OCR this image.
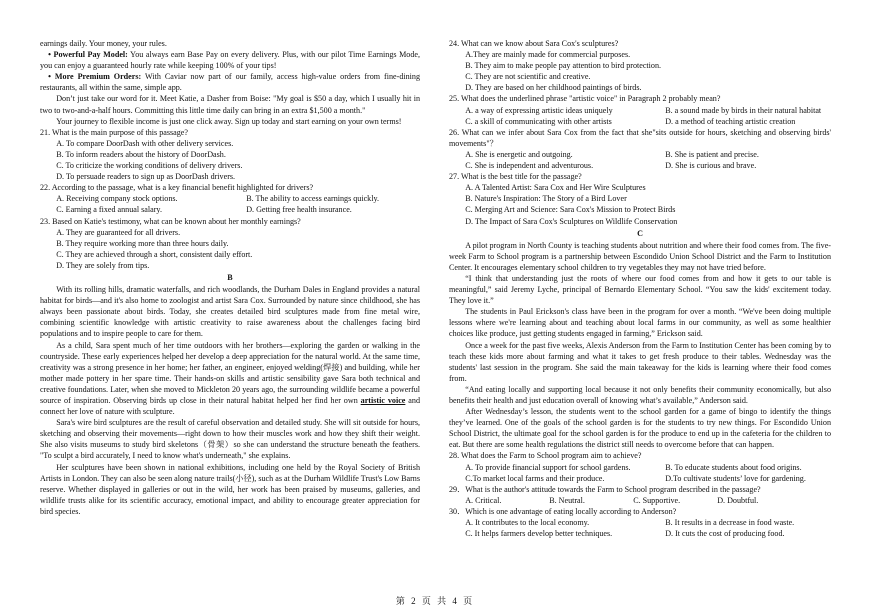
earnings daily. Your money, your rules.

• Powerful Pay Model: You always earn Base Pay on every delivery. Plus, with our pilot Time Earnings Mode, you can enjoy a guaranteed hourly rate while keeping 100% of your tips!

• More Premium Orders: With Caviar now part of our family, access high-value orders from fine-dining restaurants, all within the same, simple app.

Don’t just take our word for it. Meet Katie, a Dasher from Boise: "My goal is $50 a day, which I usually hit in two to two-and-a-half hours. Committing this little time daily can bring in an extra $1,500 a month."

Your journey to flexible income is just one click away. Sign up today and start earning on your own terms!

21. What is the main purpose of this passage?

A. To compare DoorDash with other delivery services.

B. To inform readers about the history of DoorDash.

C. To criticize the working conditions of delivery drivers.

D. To persuade readers to sign up as DoorDash drivers.

22. According to the passage, what is a key financial benefit highlighted for drivers?

A. Receiving company stock options.	B. The ability to access earnings quickly.
C. Earning a fixed annual salary.	D. Getting free health insurance.

23. Based on Katie's testimony, what can be known about her monthly earnings?

A. They are guaranteed for all drivers.

B. They require working more than three hours daily.

C. They are achieved through a short, consistent daily effort.

D. They are solely from tips.

B

With its rolling hills, dramatic waterfalls, and rich woodlands, the Durham Dales in England provides a natural habitat for birds—and it's also home to zoologist and artist Sara Cox. Surrounded by nature since childhood, she has always been passionate about birds. Today, she creates detailed bird sculptures made from fine metal wire, combining scientific knowledge with artistic creativity to raise awareness about the challenges facing bird populations and to inspire people to care for them.

As a child, Sara spent much of her time outdoors with her brothers—exploring the garden or walking in the countryside. These early experiences helped her develop a deep appreciation for the natural world. At the same time, creativity was a strong presence in her home; her father, an engineer, enjoyed welding(焊接) and building, while her mother made pottery in her spare time. Their hands-on skills and artistic sensibility gave Sara both technical and creative foundations. Later, when she moved to Mickleton 20 years ago, the surrounding wildlife became a powerful source of inspiration. Observing birds up close in their natural habitat helped her find her own artistic voice and connect her love of nature with sculpture.

Sara's wire bird sculptures are the result of careful observation and detailed study. She will sit outside for hours, sketching and observing their movements—right down to how their muscles work and how they shift their weight. She also visits museums to study bird skeletons（骨架）so she can understand the structure beneath the feathers. "To sculpt a bird accurately, I need to know what's underneath," she explains.

Her sculptures have been shown in national exhibitions, including one held by the Royal Society of British Artists in London. They can also be seen along nature trails(小径), such as at the Durham Wildlife Trust's Low Barns reserve. Whether displayed in galleries or out in the wild, her work has been praised by museums, galleries, and wildlife trusts alike for its scientific accuracy, emotional impact, and ability to encourage greater appreciation for bird species.

24. What can we know about Sara Cox's sculptures?

A.They are mainly made for commercial purposes.

B. They aim to make people pay attention to bird protection.

C. They are not scientific and creative.

D. They are based on her childhood paintings of birds.

25. What does the underlined phrase "artistic voice" in Paragraph 2 probably mean?

A. a way of expressing artistic ideas uniquely	B. a sound made by birds in their natural habitat
C. a skill of communicating with other artists	D. a method of teaching artistic creation

26. What can we infer about Sara Cox from the fact that she"sits outside for hours, sketching and observing birds' movements"？

A. She is energetic and outgoing.	B. She is patient and precise.
C. She is independent and adventurous.	D. She is curious and brave.

27. What is the best title for the passage?

A. A Talented Artist: Sara Cox and Her Wire Sculptures

B. Nature's Inspiration: The Story of a Bird Lover

C. Merging Art and Science: Sara Cox's Mission to Protect Birds

D. The Impact of Sara Cox's Sculptures on Wildlife Conservation

C

A pilot program in North County is teaching students about nutrition and where their food comes from. The five-week Farm to School program is a partnership between Escondido Union School District and the Farm to Institution Center. It encourages elementary school children to try vegetables they may not have tried before.

“I think that understanding just the roots of where our food comes from and how it gets to our table is meaningful,” said Jeremy Lyche, principal of Bernardo Elementary School. “You saw the kids' excitement today. They love it.”

The students in Paul Erickson's class have been in the program for over a month. “We've been doing multiple lessons where we're learning about and teaching about local farms in our community, as well as some healthier choices like produce, just getting students engaged in farming,” Erickson said.

Once a week for the past five weeks, Alexis Anderson from the Farm to Institution Center has been coming by to teach these kids more about farming and what it takes to get fresh produce to their tables. Wednesday was the students' last session in the program. She said the main takeaway for the kids is learning where their food comes from.

“And eating locally and supporting local because it not only benefits their community economically, but also benefits their health and just education overall of knowing what’s available,” Anderson said.

After Wednesday’s lesson, the students went to the school garden for a game of bingo to identify the things they’ve learned. One of the goals of the school garden is for the students to try new things. For Escondido Union School District, the ultimate goal for the school garden is for the produce to end up in the cafeteria for the children to eat. But there are some health regulations the district still needs to overcome before that can happen.

28. What does the Farm to School program aim to achieve?

A. To provide financial support for school gardens.	B. To educate students about food origins.
C.To market local farms and their produce.	D.To cultivate students’ love for gardening.

29．What is the author's attitude towards the Farm to School program described in the passage?

A. Critical.	B. Neutral.	C. Supportive.	D. Doubtful.

30．Which is one advantage of eating locally according to Anderson?

A. It contributes to the local economy.	B. It results in a decrease in food waste.
C. It helps farmers develop better techniques.	D. It cuts the cost of producing food.
第 2 页 共 4 页
